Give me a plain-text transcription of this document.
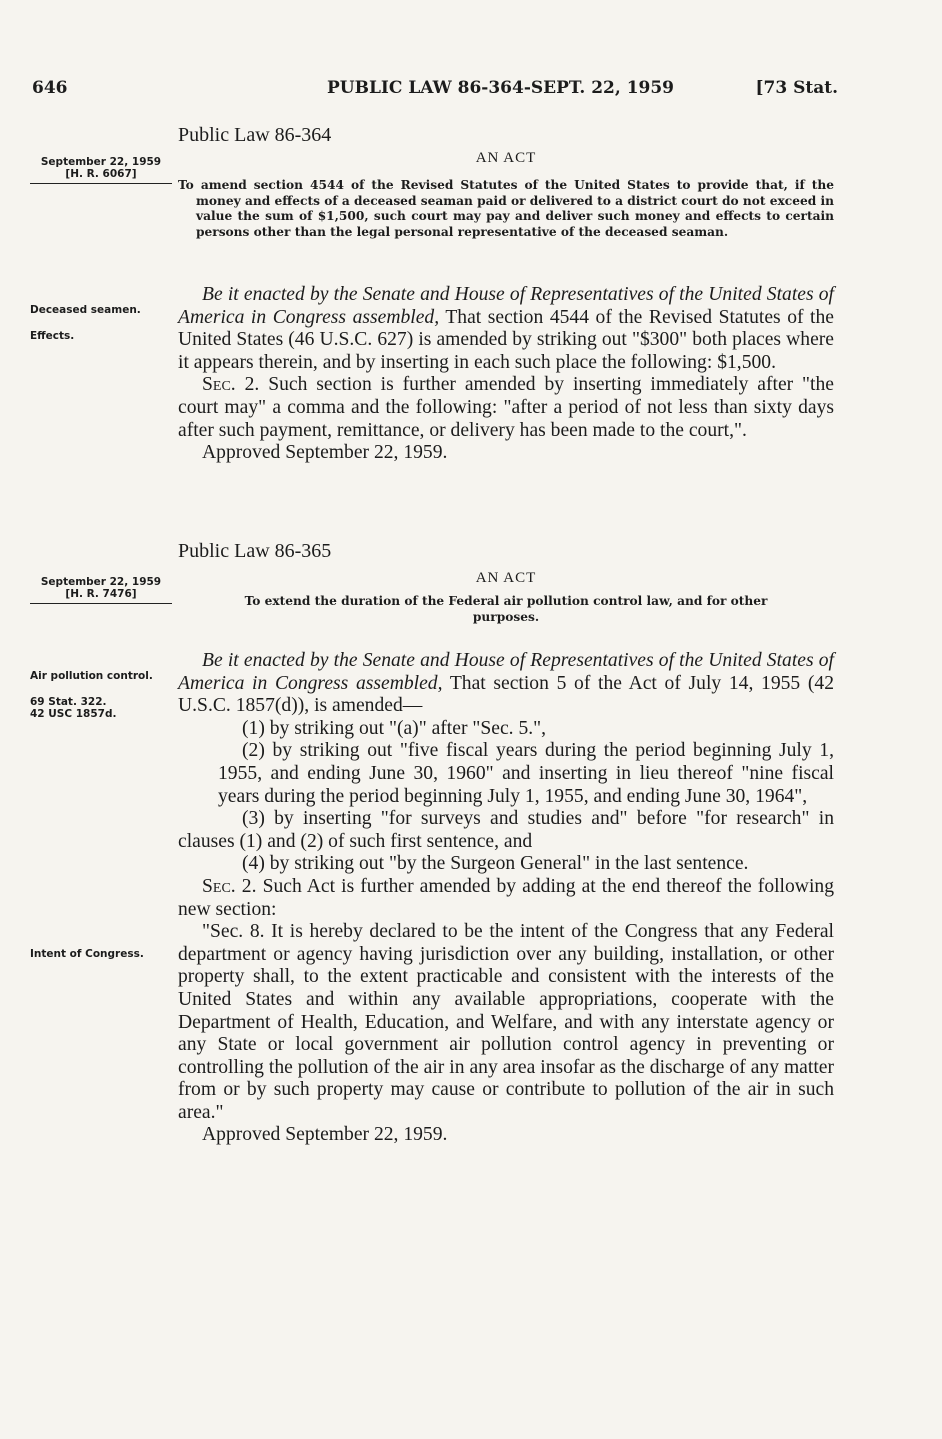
646	PUBLIC LAW 86-364-SEPT. 22, 1959	[73 Stat.
Public Law 86-364
September 22, 1959
[H. R. 6067]
AN ACT
To amend section 4544 of the Revised Statutes of the United States to provide that, if the money and effects of a deceased seaman paid or delivered to a district court do not exceed in value the sum of $1,500, such court may pay and deliver such money and effects to certain persons other than the legal personal representative of the deceased seaman.
Deceased seamen.
Effects.

Be it enacted by the Senate and House of Representatives of the United States of America in Congress assembled, That section 4544 of the Revised Statutes of the United States (46 U.S.C. 627) is amended by striking out "$300" both places where it appears therein, and by inserting in each such place the following: $1,500.

Sec. 2. Such section is further amended by inserting immediately after "the court may" a comma and the following: "after a period of not less than sixty days after such payment, remittance, or delivery has been made to the court,".

Approved September 22, 1959.
Public Law 86-365
September 22, 1959
[H. R. 7476]
AN ACT
To extend the duration of the Federal air pollution control law, and for other
purposes.
Air pollution control.
69 Stat. 322.
42 USC 1857d.

Be it enacted by the Senate and House of Representatives of the United States of America in Congress assembled, That section 5 of the Act of July 14, 1955 (42 U.S.C. 1857(d)), is amended—

(1) by striking out "(a)" after "Sec. 5.",

(2) by striking out "five fiscal years during the period beginning July 1, 1955, and ending June 30, 1960" and inserting in lieu thereof "nine fiscal years during the period beginning July 1, 1955, and ending June 30, 1964",

(3) by inserting "for surveys and studies and" before "for research" in clauses (1) and (2) of such first sentence, and

(4) by striking out "by the Surgeon General" in the last sentence.

Sec. 2. Such Act is further amended by adding at the end thereof the following new section:

"Sec. 8. It is hereby declared to be the intent of the Congress that any Federal department or agency having jurisdiction over any building, installation, or other property shall, to the extent practicable and consistent with the interests of the United States and within any available appropriations, cooperate with the Department of Health, Education, and Welfare, and with any interstate agency or any State or local government air pollution control agency in preventing or controlling the pollution of the air in any area insofar as the discharge of any matter from or by such property may cause or contribute to pollution of the air in such area."

Approved September 22, 1959.
Intent of Congress.
